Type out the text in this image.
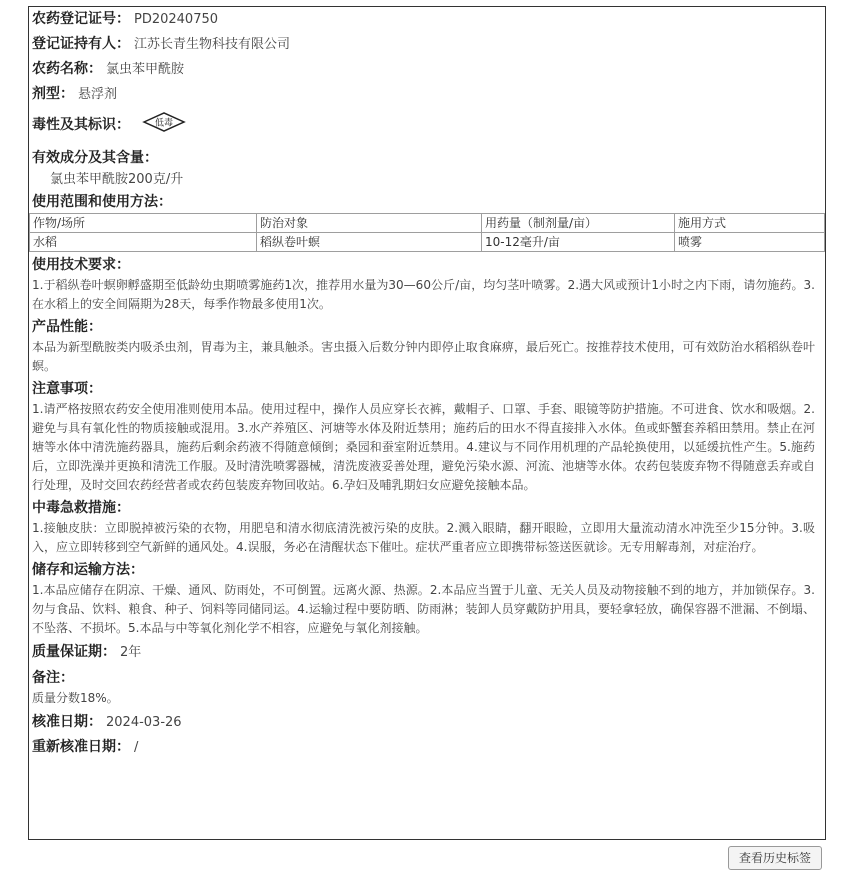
农药登记证号： PD20240750
登记证持有人： 江苏长青生物科技有限公司
农药名称： 氯虫苯甲酰胺
剂型： 悬浮剂
毒性及其标识：	低毒
有效成分及其含量：
氯虫苯甲酰胺200克/升
使用范围和使用方法：
作物/场所	防治对象	用药量（制剂量/亩）	施用方式
水稻	稻纵卷叶螟	10-12毫升/亩	喷雾
使用技术要求：
1.于稻纵卷叶螟卵孵盛期至低龄幼虫期喷雾施药1次，推荐用水量为30—60公斤/亩，均匀茎叶喷雾。2.遇大风或预计1小时之内下雨，请勿施药。3.在水稻上的安全间隔期为28天，每季作物最多使用1次。
产品性能：
本品为新型酰胺类内吸杀虫剂，胃毒为主，兼具触杀。害虫摄入后数分钟内即停止取食麻痹，最后死亡。按推荐技术使用，可有效防治水稻稻纵卷叶螟。
注意事项：
1.请严格按照农药安全使用准则使用本品。使用过程中，操作人员应穿长衣裤，戴帽子、口罩、手套、眼镜等防护措施。不可进食、饮水和吸烟。2.避免与具有氧化性的物质接触或混用。3.水产养殖区、河塘等水体及附近禁用；施药后的田水不得直接排入水体。鱼或虾蟹套养稻田禁用。禁止在河塘等水体中清洗施药器具，施药后剩余药液不得随意倾倒；桑园和蚕室附近禁用。4.建议与不同作用机理的产品轮换使用，以延缓抗性产生。5.施药后，立即洗澡并更换和清洗工作服。及时清洗喷雾器械，清洗废液妥善处理，避免污染水源、河流、池塘等水体。农药包装废弃物不得随意丢弃或自行处理，及时交回农药经营者或农药包装废弃物回收站。6.孕妇及哺乳期妇女应避免接触本品。
中毒急救措施：
1.接触皮肤：立即脱掉被污染的衣物，用肥皂和清水彻底清洗被污染的皮肤。2.溅入眼睛，翻开眼睑，立即用大量流动清水冲洗至少15分钟。3.吸入，应立即转移到空气新鲜的通风处。4.误服，务必在清醒状态下催吐。症状严重者应立即携带标签送医就诊。无专用解毒剂，对症治疗。
储存和运输方法：
1.本品应储存在阴凉、干燥、通风、防雨处，不可倒置。远离火源、热源。2.本品应当置于儿童、无关人员及动物接触不到的地方，并加锁保存。3.勿与食品、饮料、粮食、种子、饲料等同储同运。4.运输过程中要防晒、防雨淋；装卸人员穿戴防护用具，要轻拿轻放，确保容器不泄漏、不倒塌、不坠落、不损坏。5.本品与中等氧化剂化学不相容，应避免与氧化剂接触。
质量保证期： 2年
备注：
质量分数18%。
核准日期： 2024-03-26
重新核准日期： /
查看历史标签
